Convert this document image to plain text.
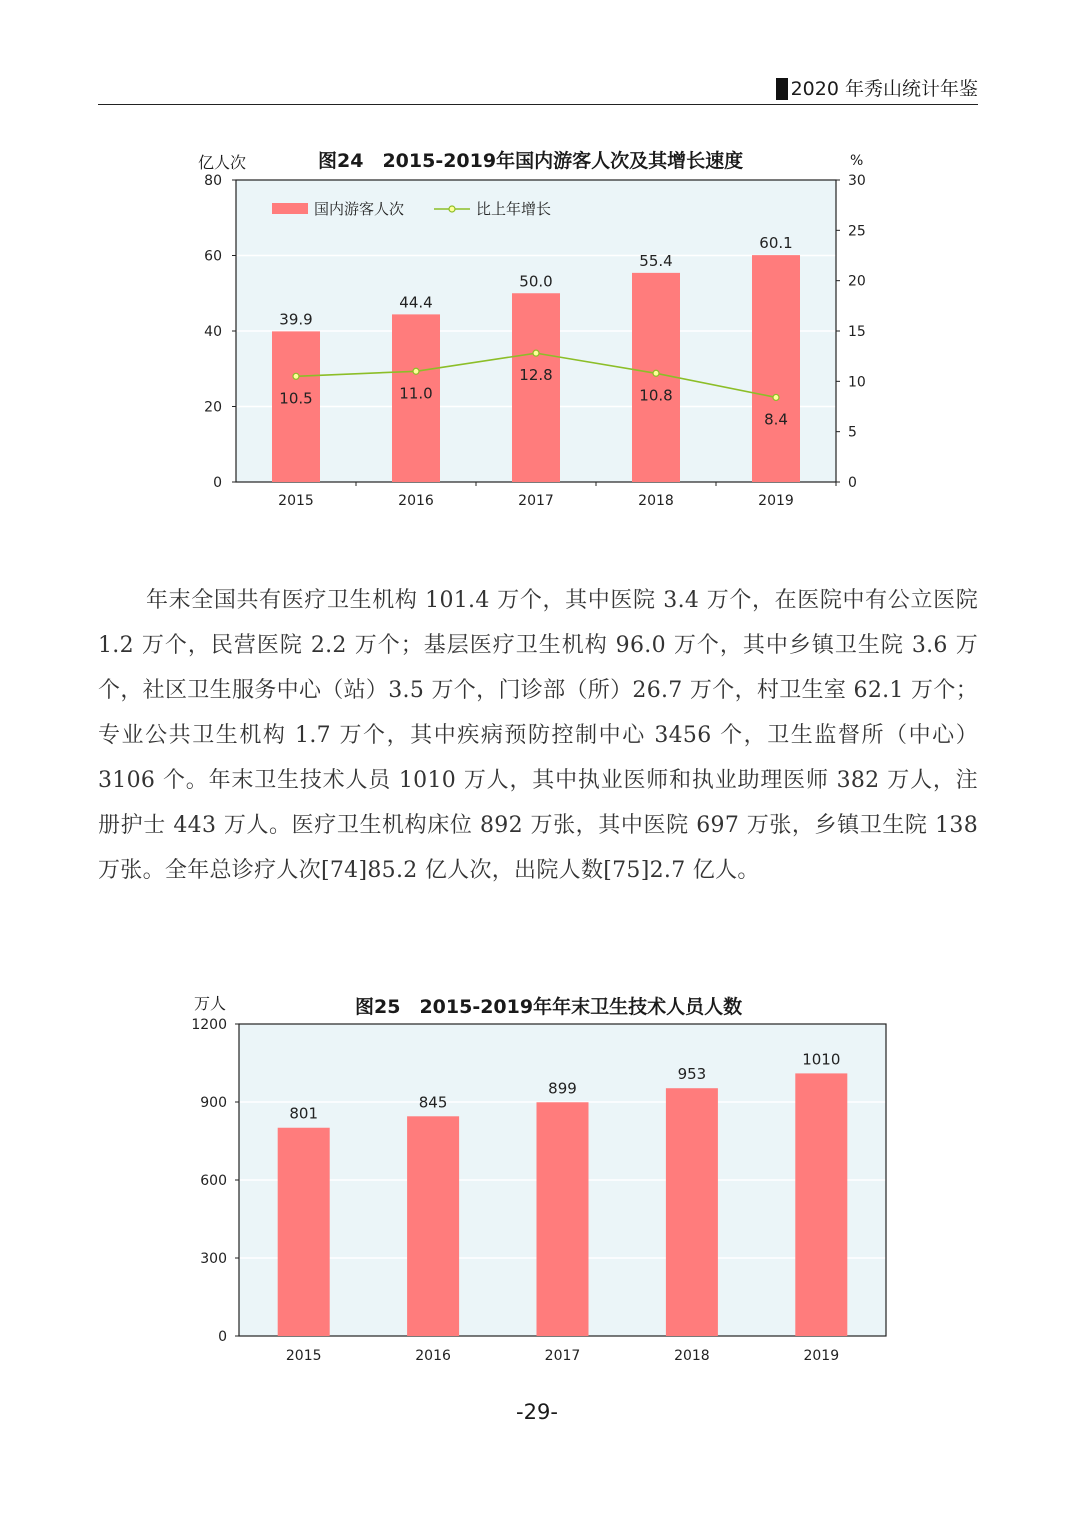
2020 年秀山统计年鉴
图24　2015-2019年国内游客人次及其增长速度
亿人次	%
0
20
40
60
80
0
5
10
15
20
25
30
39.9
2015
44.4
2016
50.0
2017
55.4
2018
60.1
2019
10.5	11.0
12.8
10.8
8.4
国内游客人次	比上年增长

年末全国共有医疗卫生机构 101.4 万个，其中医院 3.4 万个，在医院中有公立医院 1.2 万个，民营医院 2.2 万个；基层医疗卫生机构 96.0 万个，其中乡镇卫生院 3.6 万个，社区卫生服务中心（站）3.5 万个，门诊部（所）26.7 万个，村卫生室 62.1 万个；专业公共卫生机构 1.7 万个，其中疾病预防控制中心 3456 个，卫生监督所（中心）3106 个。年末卫生技术人员 1010 万人，其中执业医师和执业助理医师 382 万人，注册护士 443 万人。医疗卫生机构床位 892 万张，其中医院 697 万张，乡镇卫生院 138 万张。全年总诊疗人次[74]85.2 亿人次，出院人数[75]2.7 亿人。

图25　2015-2019年年末卫生技术人员人数
万人
0
300
600
900
1200
801
2015
845
2016
899
2017
953
2018
1010
2019
-29-
